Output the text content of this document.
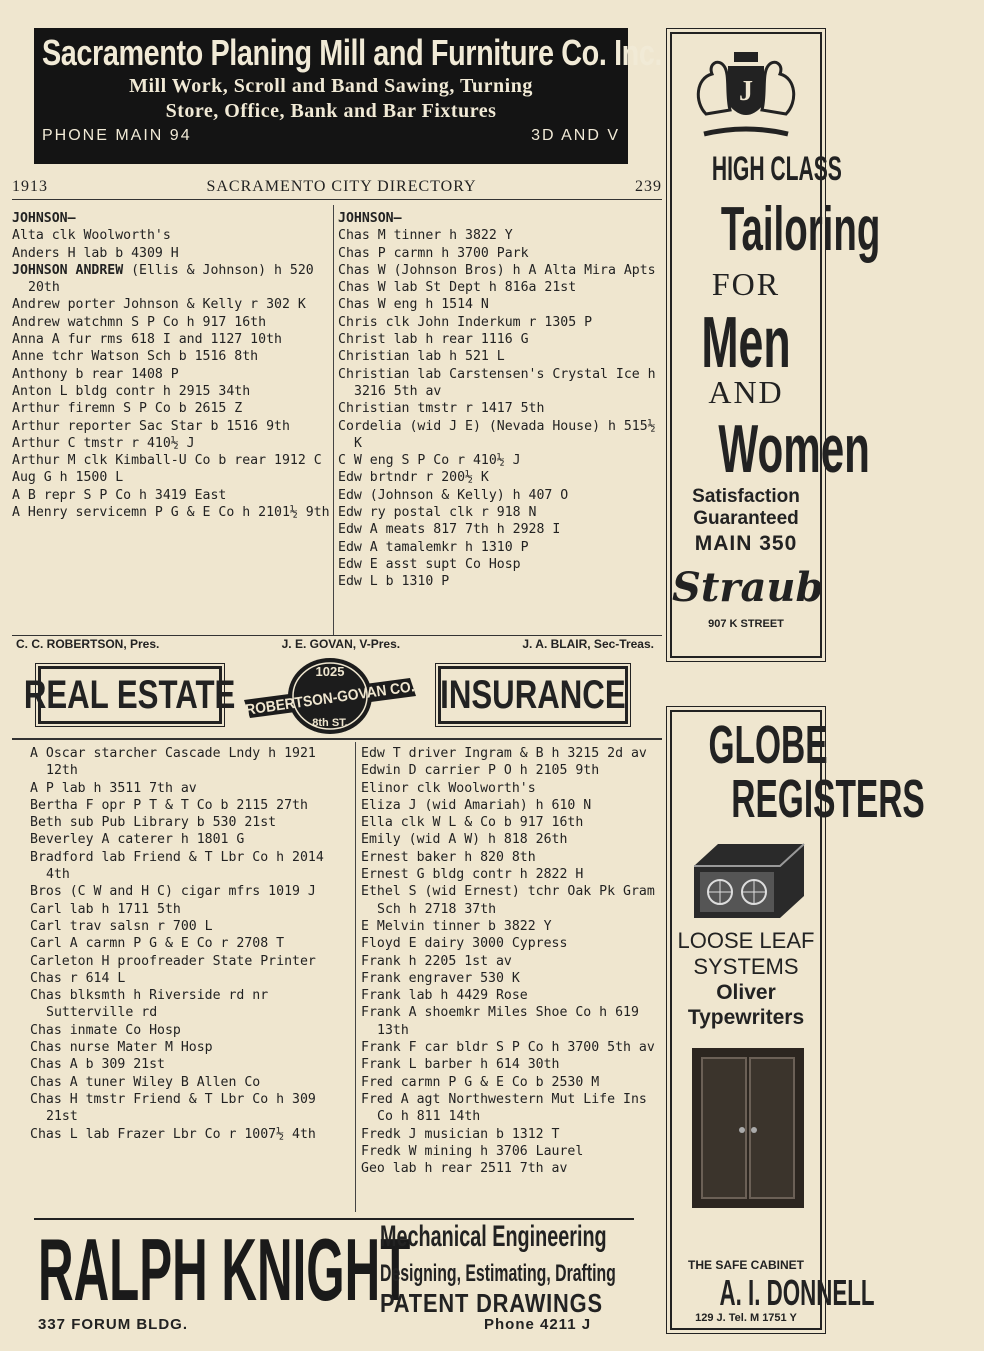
Sacramento Planing Mill and Furniture Co. Inc.
Mill Work, Scroll and Band Sawing, Turning
Store, Office, Bank and Bar Fixtures
PHONE MAIN 94	3D AND V
1913	SACRAMENTO CITY DIRECTORY	239
JOHNSON—
Alta clk Woolworth's
Anders H lab b 4309 H
JOHNSON ANDREW (Ellis & Johnson) h 520 20th
Andrew porter Johnson & Kelly r 302 K
Andrew watchmn S P Co h 917 16th
Anna A fur rms 618 I and 1127 10th
Anne tchr Watson Sch b 1516 8th
Anthony b rear 1408 P
Anton L bldg contr h 2915 34th
Arthur firemn S P Co b 2615 Z
Arthur reporter Sac Star b 1516 9th
Arthur C tmstr r 410½ J
Arthur M clk Kimball-U Co b rear 1912 C
Aug G h 1500 L
A B repr S P Co h 3419 East
A Henry servicemn P G & E Co h 2101½ 9th
JOHNSON—
Chas M tinner h 3822 Y
Chas P carmn h 3700 Park
Chas W (Johnson Bros) h A Alta Mira Apts
Chas W lab St Dept h 816a 21st
Chas W eng h 1514 N
Chris clk John Inderkum r 1305 P
Christ lab h rear 1116 G
Christian lab h 521 L
Christian lab Carstensen's Crystal Ice h 3216 5th av
Christian tmstr r 1417 5th
Cordelia (wid J E) (Nevada House) h 515½ K
C W eng S P Co r 410½ J
Edw brtndr r 200½ K
Edw (Johnson & Kelly) h 407 O
Edw ry postal clk r 918 N
Edw A meats 817 7th h 2928 I
Edw A tamalemkr h 1310 P
Edw E asst supt Co Hosp
Edw L b 1310 P
C. C. ROBERTSON, Pres.	J. E. GOVAN, V-Pres.	J. A. BLAIR, Sec-Treas.
REAL ESTATE
1025
ROBERTSON-GOVAN CO.
8th ST.
INSURANCE
A Oscar starcher Cascade Lndy h 1921 12th
A P lab h 3511 7th av
Bertha F opr P T & T Co b 2115 27th
Beth sub Pub Library b 530 21st
Beverley A caterer h 1801 G
Bradford lab Friend & T Lbr Co h 2014 4th
Bros (C W and H C) cigar mfrs 1019 J
Carl lab h 1711 5th
Carl trav salsn r 700 L
Carl A carmn P G & E Co r 2708 T
Carleton H proofreader State Printer
Chas r 614 L
Chas blksmth h Riverside rd nr Sutterville rd
Chas inmate Co Hosp
Chas nurse Mater M Hosp
Chas A b 309 21st
Chas A tuner Wiley B Allen Co
Chas H tmstr Friend & T Lbr Co h 309 21st
Chas L lab Frazer Lbr Co r 1007½ 4th
Edw T driver Ingram & B h 3215 2d av
Edwin D carrier P O h 2105 9th
Elinor clk Woolworth's
Eliza J (wid Amariah) h 610 N
Ella clk W L & Co b 917 16th
Emily (wid A W) h 818 26th
Ernest baker h 820 8th
Ernest G bldg contr h 2822 H
Ethel S (wid Ernest) tchr Oak Pk Gram Sch h 2718 37th
E Melvin tinner b 3822 Y
Floyd E dairy 3000 Cypress
Frank h 2205 1st av
Frank engraver 530 K
Frank lab h 4429 Rose
Frank A shoemkr Miles Shoe Co h 619 13th
Frank F car bldr S P Co h 3700 5th av
Frank L barber h 614 30th
Fred carmn P G & E Co b 2530 M
Fred A agt Northwestern Mut Life Ins Co h 811 14th
Fredk J musician b 1312 T
Fredk W mining h 3706 Laurel
Geo lab h rear 2511 7th av
RALPH KNIGHT
337 FORUM BLDG.
Mechanical Engineering
Designing, Estimating, Drafting
PATENT DRAWINGS
Phone 4211 J
J
HIGH CLASS
Tailoring
FOR
Men
AND
Women
Satisfaction
Guaranteed
MAIN 350
Straub
907 K STREET
GLOBE
REGISTERS
LOOSE LEAF
SYSTEMS
Oliver
Typewriters
THE SAFE CABINET
A. I. DONNELL
129 J. Tel. M 1751 Y
